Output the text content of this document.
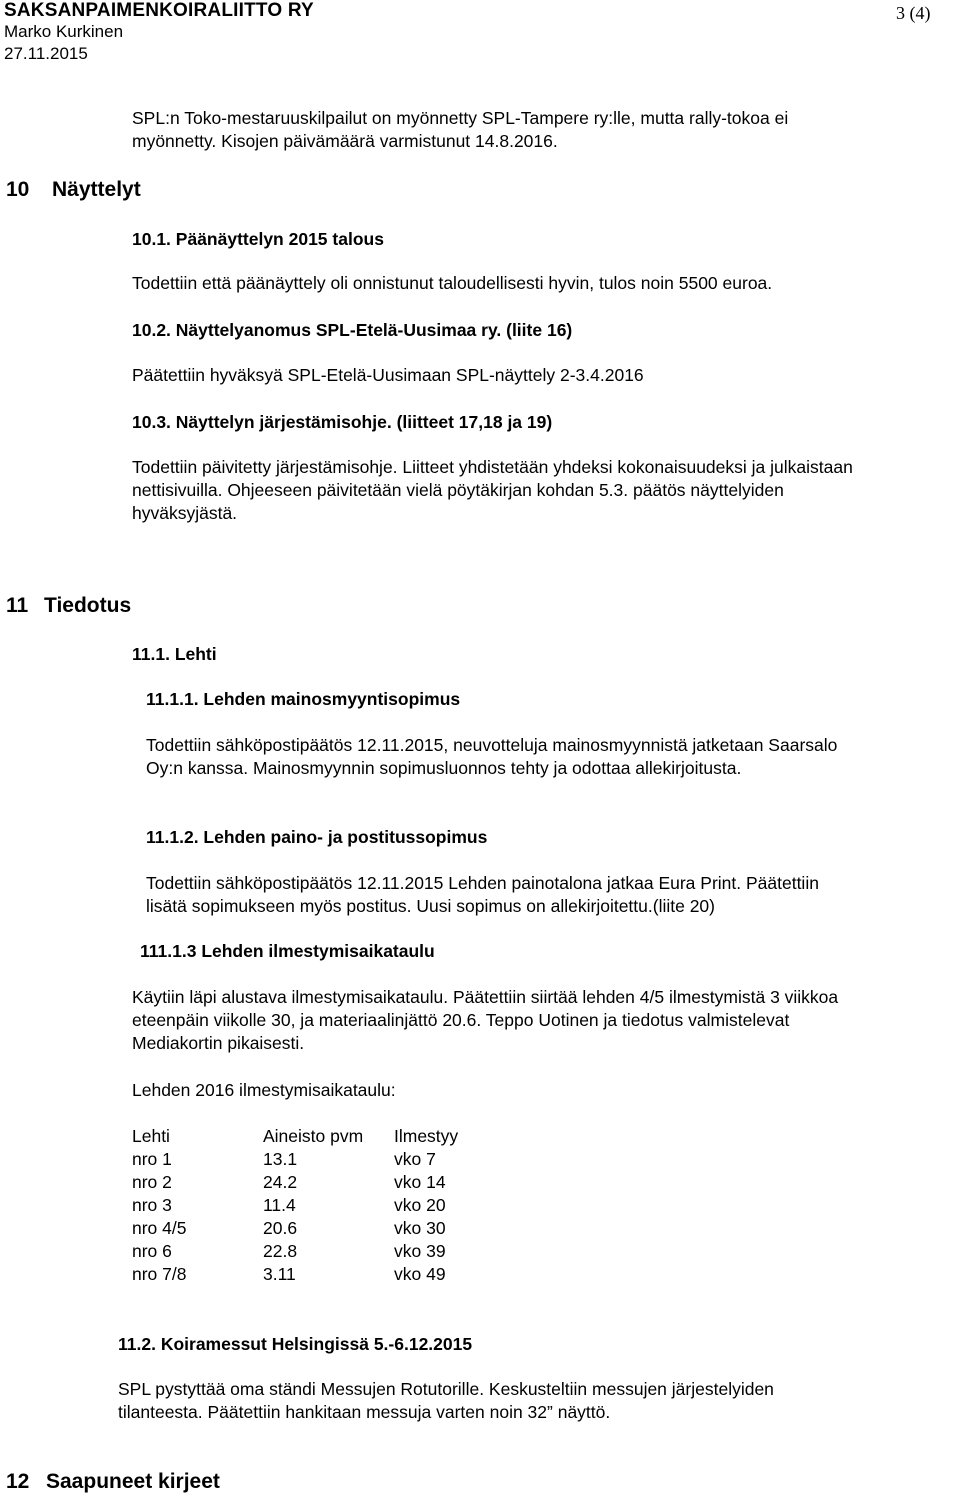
SAKSANPAIMENKOIRALIITTO RY
Marko Kurkinen
27.11.2015
3 (4)
SPL:n Toko-mestaruuskilpailut on myönnetty SPL-Tampere ry:lle, mutta rally-tokoa ei
myönnetty. Kisojen päivämäärä varmistunut 14.8.2016.
10 Näyttelyt
10.1. Päänäyttelyn 2015 talous
Todettiin että päänäyttely oli onnistunut taloudellisesti hyvin, tulos noin 5500 euroa.
10.2. Näyttelyanomus SPL-Etelä-Uusimaa ry. (liite 16)
Päätettiin hyväksyä SPL-Etelä-Uusimaan SPL-näyttely 2-3.4.2016
10.3. Näyttelyn järjestämisohje. (liitteet 17,18 ja 19)
Todettiin päivitetty järjestämisohje. Liitteet yhdistetään yhdeksi kokonaisuudeksi ja julkaistaan
nettisivuilla. Ohjeeseen päivitetään vielä pöytäkirjan kohdan 5.3. päätös näyttelyiden
hyväksyjästä.
11 Tiedotus
11.1. Lehti
11.1.1. Lehden mainosmyyntisopimus
Todettiin sähköpostipäätös 12.11.2015, neuvotteluja mainosmyynnistä jatketaan Saarsalo
Oy:n kanssa. Mainosmyynnin sopimusluonnos tehty ja odottaa allekirjoitusta.
11.1.2. Lehden paino- ja postitussopimus
Todettiin sähköpostipäätös 12.11.2015 Lehden painotalona jatkaa Eura Print. Päätettiin
lisätä sopimukseen myös postitus. Uusi sopimus on allekirjoitettu.(liite 20)
111.1.3 Lehden ilmestymisaikataulu
Käytiin läpi alustava ilmestymisaikataulu. Päätettiin siirtää lehden 4/5 ilmestymistä 3 viikkoa
eteenpäin viikolle 30, ja materiaalinjättö 20.6. Teppo Uotinen ja tiedotus valmistelevat
Mediakortin pikaisesti.
Lehden 2016 ilmestymisaikataulu:
Lehti	Aineisto pvm	Ilmestyy
nro 1	13.1	vko 7
nro 2	24.2	vko 14
nro 3	11.4	vko 20
nro 4/5	20.6	vko 30
nro 6	22.8	vko 39
nro 7/8	3.11	vko 49
11.2. Koiramessut Helsingissä 5.-6.12.2015
SPL pystyttää oma ständi Messujen Rotutorille. Keskusteltiin messujen järjestelyiden
tilanteesta. Päätettiin hankitaan messuja varten noin 32” näyttö.
12 Saapuneet kirjeet
